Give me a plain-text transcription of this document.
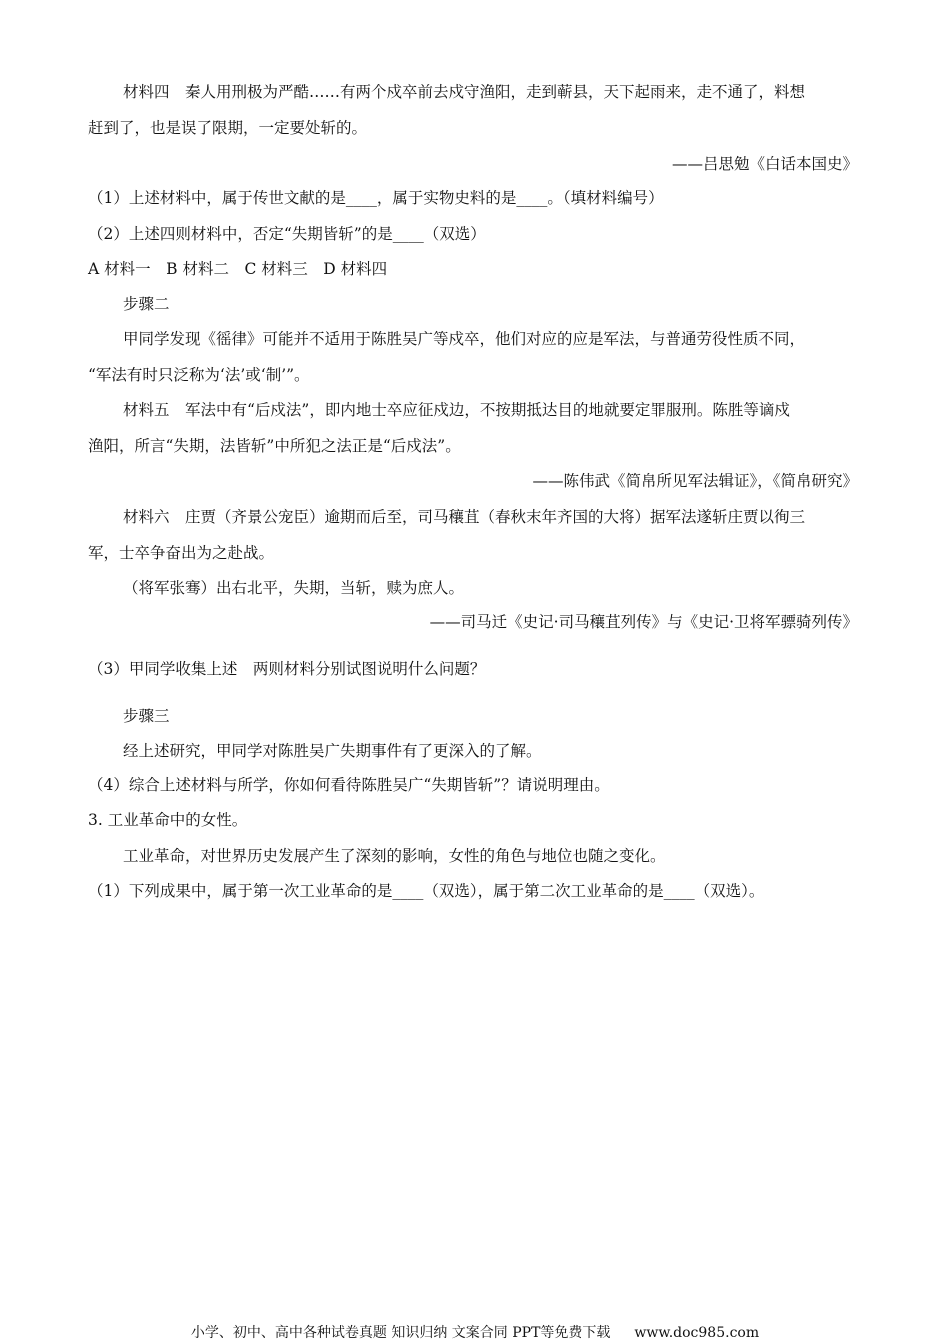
材料四　秦人用刑极为严酷……有两个戍卒前去戍守渔阳，走到蕲县，天下起雨来，走不通了，料想
赶到了，也是误了限期，一定要处斩的。
——吕思勉《白话本国史》
（1）上述材料中，属于传世文献的是____，属于实物史料的是____。（填材料编号）
（2）上述四则材料中，否定“失期皆斩”的是____（双选）
A 材料一　B 材料二　C 材料三　D 材料四
步骤二
甲同学发现《徭律》可能并不适用于陈胜吴广等戍卒，他们对应的应是军法，与普通劳役性质不同，
“军法有时只泛称为‘法’或‘制’”。
材料五　军法中有“后戍法”，即内地士卒应征戍边，不按期抵达目的地就要定罪服刑。陈胜等谪戍
渔阳，所言“失期，法皆斩”中所犯之法正是“后戍法”。
——陈伟武《简帛所见军法辑证》，《简帛研究》
材料六　庄贾（齐景公宠臣）逾期而后至，司马穰苴（春秋末年齐国的大将）据军法遂斩庄贾以徇三
军，士卒争奋出为之赴战。
（将军张骞）出右北平，失期，当斩，赎为庶人。
——司马迁《史记·司马穰苴列传》与《史记·卫将军骠骑列传》
（3）甲同学收集上述　两则材料分别试图说明什么问题？
步骤三
经上述研究，甲同学对陈胜吴广失期事件有了更深入的了解。
（4）综合上述材料与所学，你如何看待陈胜吴广“失期皆斩”？请说明理由。
3. 工业革命中的女性。
工业革命，对世界历史发展产生了深刻的影响，女性的角色与地位也随之变化。
（1）下列成果中，属于第一次工业革命的是____（双选），属于第二次工业革命的是____（双选）。
小学、初中、高中各种试卷真题 知识归纳 文案合同 PPT等免费下载 www.doc985.com
